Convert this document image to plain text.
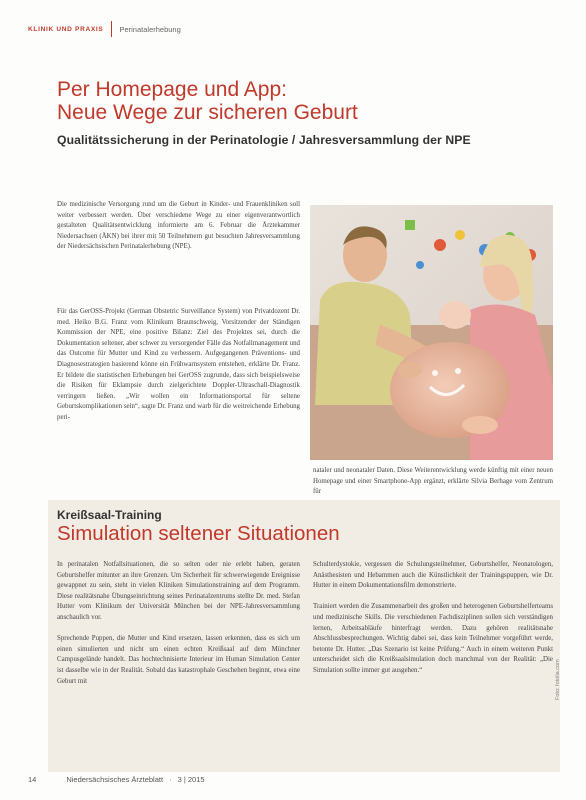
KLINIK UND PRAXIS Perinatalerhebung
Per Homepage und App:
Neue Wege zur sicheren Geburt
Qualitätssicherung in der Perinatologie / Jahresversammlung der NPE

Die medizinische Versorgung rund um die Geburt in Kinder- und Frauenkliniken soll weiter verbessert werden. Über verschiedene Wege zu einer eigenverantwortlich gestalteten Qualitätsentwicklung informierte am 6. Februar die Ärztekammer Niedersachsen (ÄKN) bei ihrer mit 50 Teilnehmern gut besuchten Jahresversammlung der Niedersächsischen Perinatalerhebung (NPE).

Für das GerOSS-Projekt (German Obstetric Surveillance System) von Privatdozent Dr. med. Heiko B.G. Franz vom Klinikum Braunschweig, Vorsitzender der Ständigen Kommission der NPE, eine positive Bilanz: Ziel des Projektes sei, durch die Dokumentation seltener, aber schwer zu versorgender Fälle das Notfallmanagement und das Outcome für Mutter und Kind zu verbessern. Aufgegangenen Präventions- und Diagnosestrategien basierend könne ein Frühwarnsystem entstehen, erklärte Dr. Franz. Er bildete die statistischen Erhebungen bei GerOSS zugrunde, dass sich beispielsweise die Risiken für Eklampsie durch zielgerichtete Doppler-Ultraschall-Diagnostik verringern ließen. „Wir wollen ein Informationsportal für seltene Geburtskomplikationen sein“, sagte Dr. Franz und warb für die weitreichende Erhebung peri-

nataler und neonataler Daten. Diese Weiterentwicklung werde künftig mit einer neuen Homepage und einer Smartphone-App ergänzt, erklärte Silvia Berhage vom Zentrum für
Kreißsaal-Training
Simulation seltener Situationen

In perinatalen Notfallsituationen, die so selten oder nie erlebt haben, geraten Geburtshelfer mitunter an ihre Grenzen. Um Sicherheit für schwerwiegende Ereignisse gewappnet zu sein, steht in vielen Kliniken Simulationstraining auf dem Programm. Diese realitätsnahe Übungseinrichtung seines Perinatalzentrums stellte Dr. med. Stefan Hutter vom Klinikum der Universität München bei der NPE-Jahresversammlung anschaulich vor.

Sprechende Puppen, die Mutter und Kind ersetzen, lassen erkennen, dass es sich um einen simulierten und nicht um einen echten Kreißsaal auf dem Münchner Campusgelände handelt. Das hochtechnisierte Interieur im Human Simulation Center ist dasselbe wie in der Realität. Sobald das katastrophale Geschehen beginnt, etwa eine Geburt mit

Schulterdystokie, vergessen die Schulungsteilnehmer, Geburtshelfer, Neonatologen, Anästhesisten und Hebammen auch die Künstlichkeit der Trainingspuppen, wie Dr. Hutter in einem Dokumentationsfilm demonstrierte.

Trainiert werden die Zusammenarbeit des großen und heterogenen Geburtshelferteams und medizinische Skills. Die verschiedenen Fachdisziplinen sollen sich verständigen lernen, Arbeitsabläufe hinterfragt werden. Dazu gehören realitätsnahe Abschlussbesprechungen. Wichtig dabei sei, dass kein Teilnehmer vorgeführt werde, betonte Dr. Hutter. „Das Szenario ist keine Prüfung.“ Auch in einem weiteren Punkt unterscheidet sich die Kreißsaalsimulation doch manchmal von der Realität: „Die Simulation sollte immer gut ausgehen.“	Foto: fotolia.com
14	Niedersächsisches Ärzteblatt · 3 | 2015
